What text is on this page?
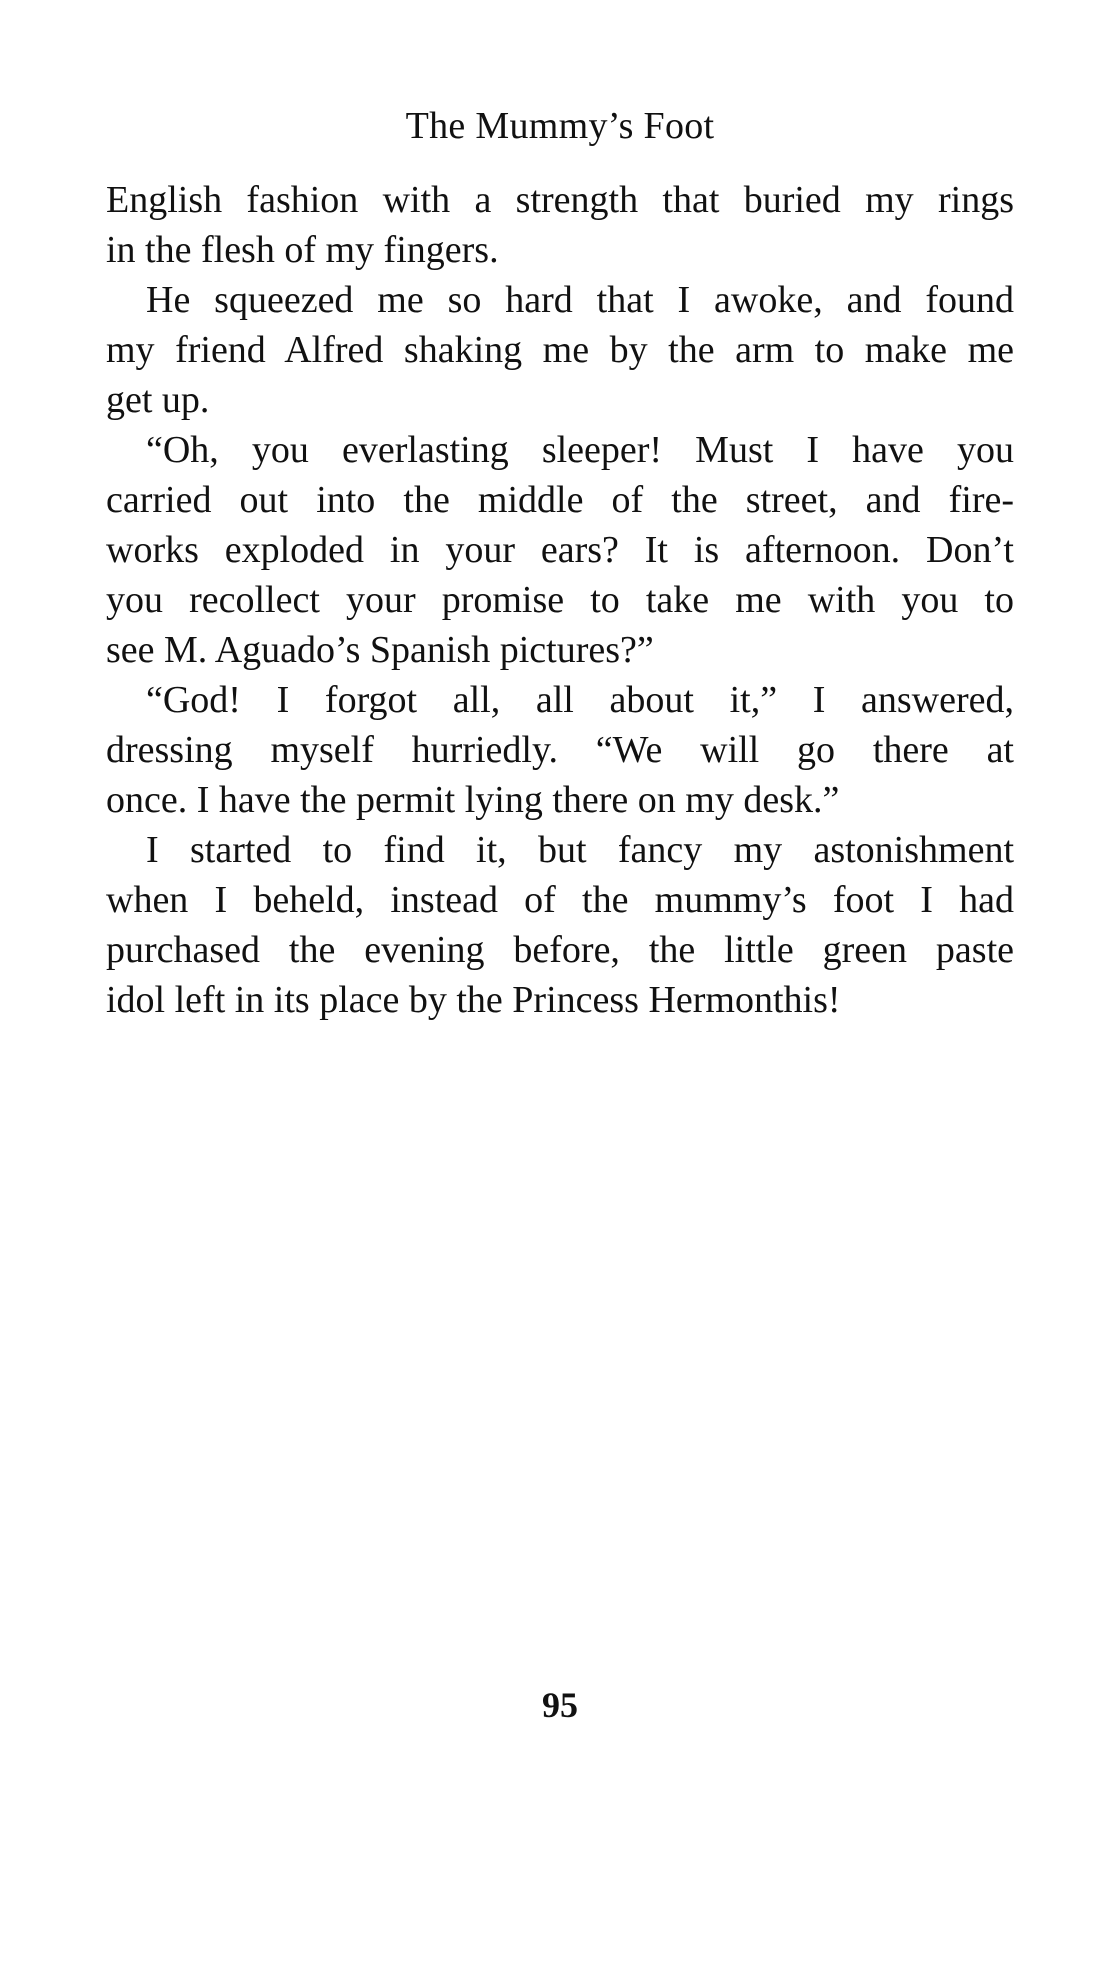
The Mummy’s Foot
English fashion with a strength that buried my rings
in the flesh of my fingers.
He squeezed me so hard that I awoke, and found
my friend Alfred shaking me by the arm to make me
get up.
“Oh, you everlasting sleeper! Must I have you
carried out into the middle of the street, and fire-
works exploded in your ears? It is afternoon. Don’t
you recollect your promise to take me with you to
see M. Aguado’s Spanish pictures?”
“God! I forgot all, all about it,” I answered,
dressing myself hurriedly. “We will go there at
once. I have the permit lying there on my desk.”
I started to find it, but fancy my astonishment
when I beheld, instead of the mummy’s foot I had
purchased the evening before, the little green paste
idol left in its place by the Princess Hermonthis!
95
